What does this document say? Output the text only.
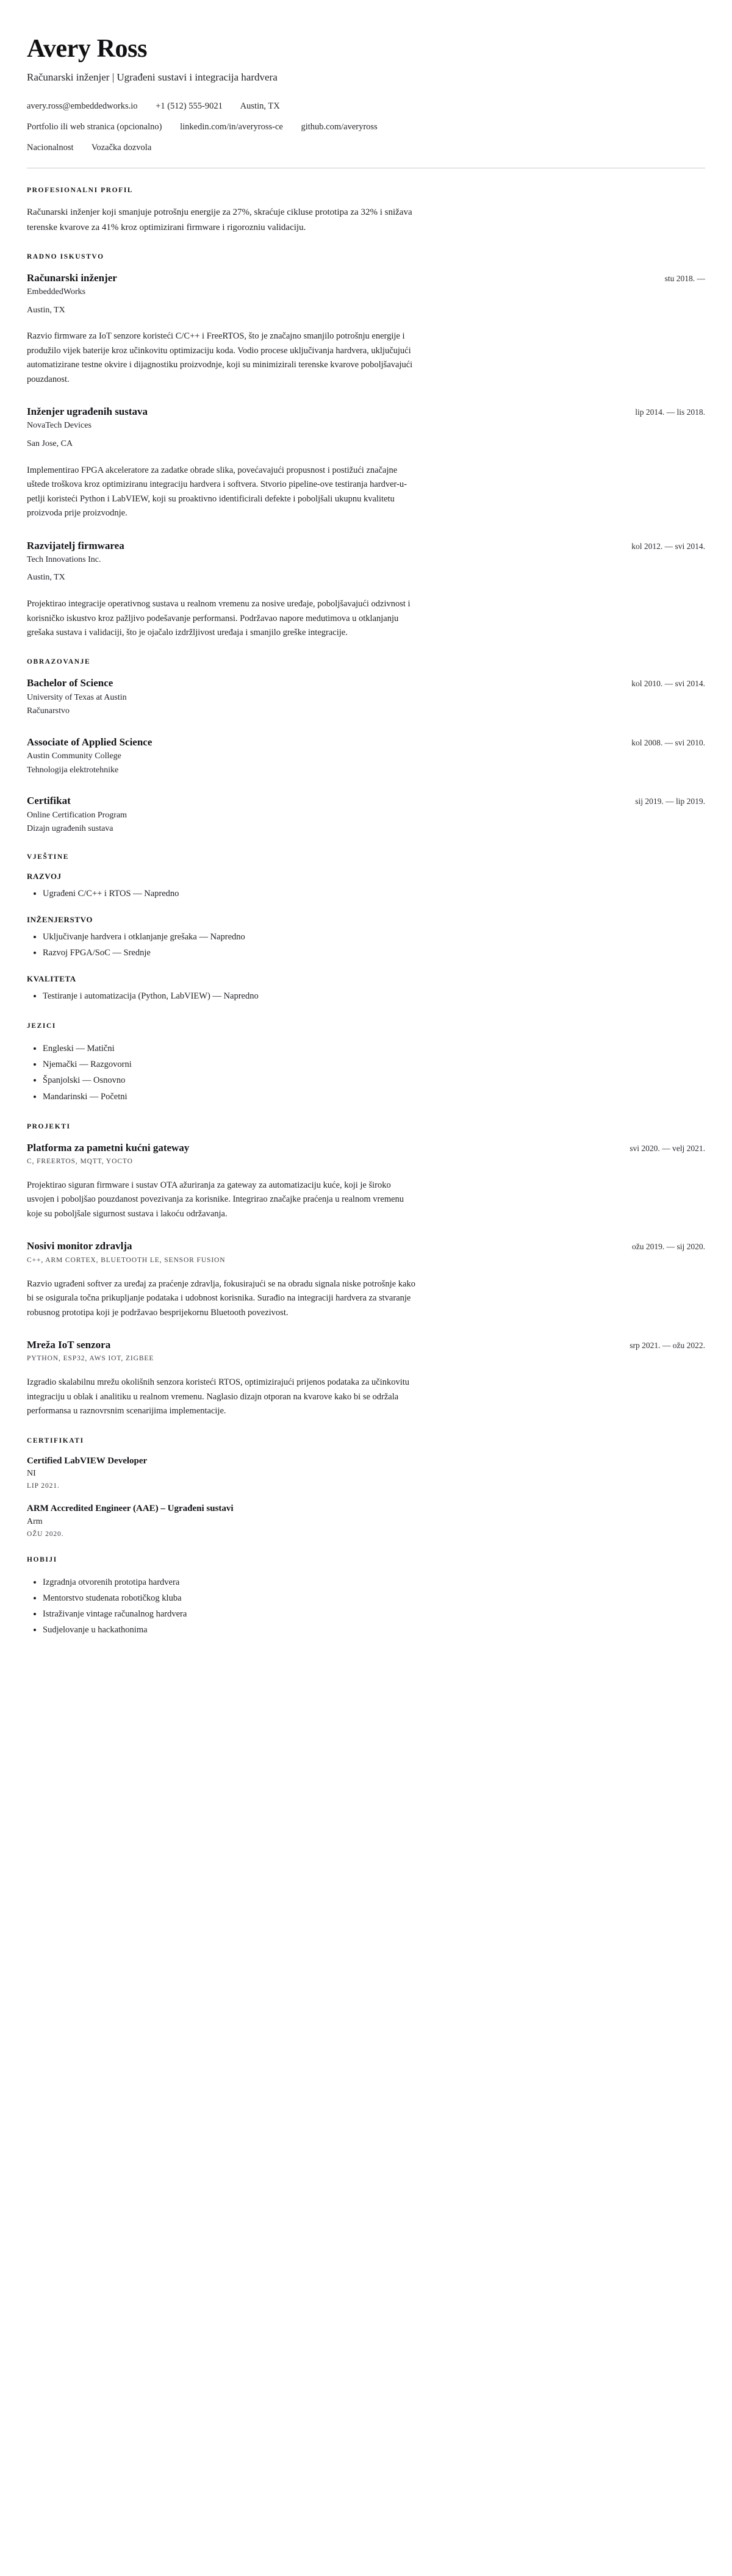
Avery Ross
Računarski inženjer | Ugrađeni sustavi i integracija hardvera
avery.ross@embeddedworks.io +1 (512) 555-9021 Austin, TX
Portfolio ili web stranica (opcionalno) linkedin.com/in/averyross-ce github.com/averyross
Nacionalnost Vozačka dozvola
PROFESIONALNI PROFIL

Računarski inženjer koji smanjuje potrošnju energije za 27%, skraćuje cikluse prototipa za 32% i snižava terenske kvarove za 41% kroz optimizirani firmware i rigorozniu validaciju.

RADNO ISKUSTVO
Računarski inženjer	stu 2018. —
EmbeddedWorks
Austin, TX

Razvio firmware za IoT senzore koristeći C/C++ i FreeRTOS, što je značajno smanjilo potrošnju energije i produžilo vijek baterije kroz učinkovitu optimizaciju koda. Vodio procese uključivanja hardvera, uključujući automatizirane testne okvire i dijagnostiku proizvodnje, koji su minimizirali terenske kvarove poboljšavajući pouzdanost.

Inženjer ugrađenih sustava	lip 2014. — lis 2018.
NovaTech Devices
San Jose, CA

Implementirao FPGA akceleratore za zadatke obrade slika, povećavajući propusnost i postižući značajne uštede troškova kroz optimiziranu integraciju hardvera i softvera. Stvorio pipeline-ove testiranja hardver-u-petlji koristeći Python i LabVIEW, koji su proaktivno identificirali defekte i poboljšali ukupnu kvalitetu proizvoda prije proizvodnje.

Razvijatelj firmwarea	kol 2012. — svi 2014.
Tech Innovations Inc.
Austin, TX

Projektirao integracije operativnog sustava u realnom vremenu za nosive uređaje, poboljšavajući odzivnost i korisničko iskustvo kroz pažljivo podešavanje performansi. Podržavao napore medutimova u otklanjanju grešaka sustava i validaciji, što je ojačalo izdržljivost uređaja i smanjilo greške integracije.

OBRAZOVANJE
Bachelor of Science	kol 2010. — svi 2014.
University of Texas at Austin
Računarstvo
Associate of Applied Science	kol 2008. — svi 2010.
Austin Community College
Tehnologija elektrotehnike
Certifikat	sij 2019. — lip 2019.
Online Certification Program
Dizajn ugrađenih sustava
VJEŠTINE
RAZVOJ
• Ugrađeni C/C++ i RTOS — Napredno
INŽENJERSTVO
• Uključivanje hardvera i otklanjanje grešaka — Napredno
• Razvoj FPGA/SoC — Srednje
KVALITETA
• Testiranje i automatizacija (Python, LabVIEW) — Napredno
JEZICI
• Engleski — Matični
• Njemački — Razgovorni
• Španjolski — Osnovno
• Mandarinski — Početni
PROJEKTI
Platforma za pametni kućni gateway	svi 2020. — velj 2021.
C, FREERTOS, MQTT, YOCTO

Projektirao siguran firmware i sustav OTA ažuriranja za gateway za automatizaciju kuće, koji je široko usvojen i poboljšao pouzdanost povezivanja za korisnike. Integrirao značajke praćenja u realnom vremenu koje su poboljšale sigurnost sustava i lakoću održavanja.

Nosivi monitor zdravlja	ožu 2019. — sij 2020.
C++, ARM CORTEX, BLUETOOTH LE, SENSOR FUSION

Razvio ugrađeni softver za uređaj za praćenje zdravlja, fokusirajući se na obradu signala niske potrošnje kako bi se osigurala točna prikupljanje podataka i udobnost korisnika. Surađio na integraciji hardvera za stvaranje robusnog prototipa koji je podržavao besprijekornu Bluetooth povezivost.

Mreža IoT senzora	srp 2021. — ožu 2022.
PYTHON, ESP32, AWS IOT, ZIGBEE

Izgradio skalabilnu mrežu okolišnih senzora koristeći RTOS, optimizirajući prijenos podataka za učinkovitu integraciju u oblak i analitiku u realnom vremenu. Naglasio dizajn otporan na kvarove kako bi se održala performansa u raznovrsnim scenarijima implementacije.

CERTIFIKATI
Certified LabVIEW Developer
NI
LIP 2021.
ARM Accredited Engineer (AAE) – Ugrađeni sustavi
Arm
OŽU 2020.
HOBIJI
• Izgradnja otvorenih prototipa hardvera
• Mentorstvo studenata robotičkog kluba
• Istraživanje vintage računalnog hardvera
• Sudjelovanje u hackathonima
